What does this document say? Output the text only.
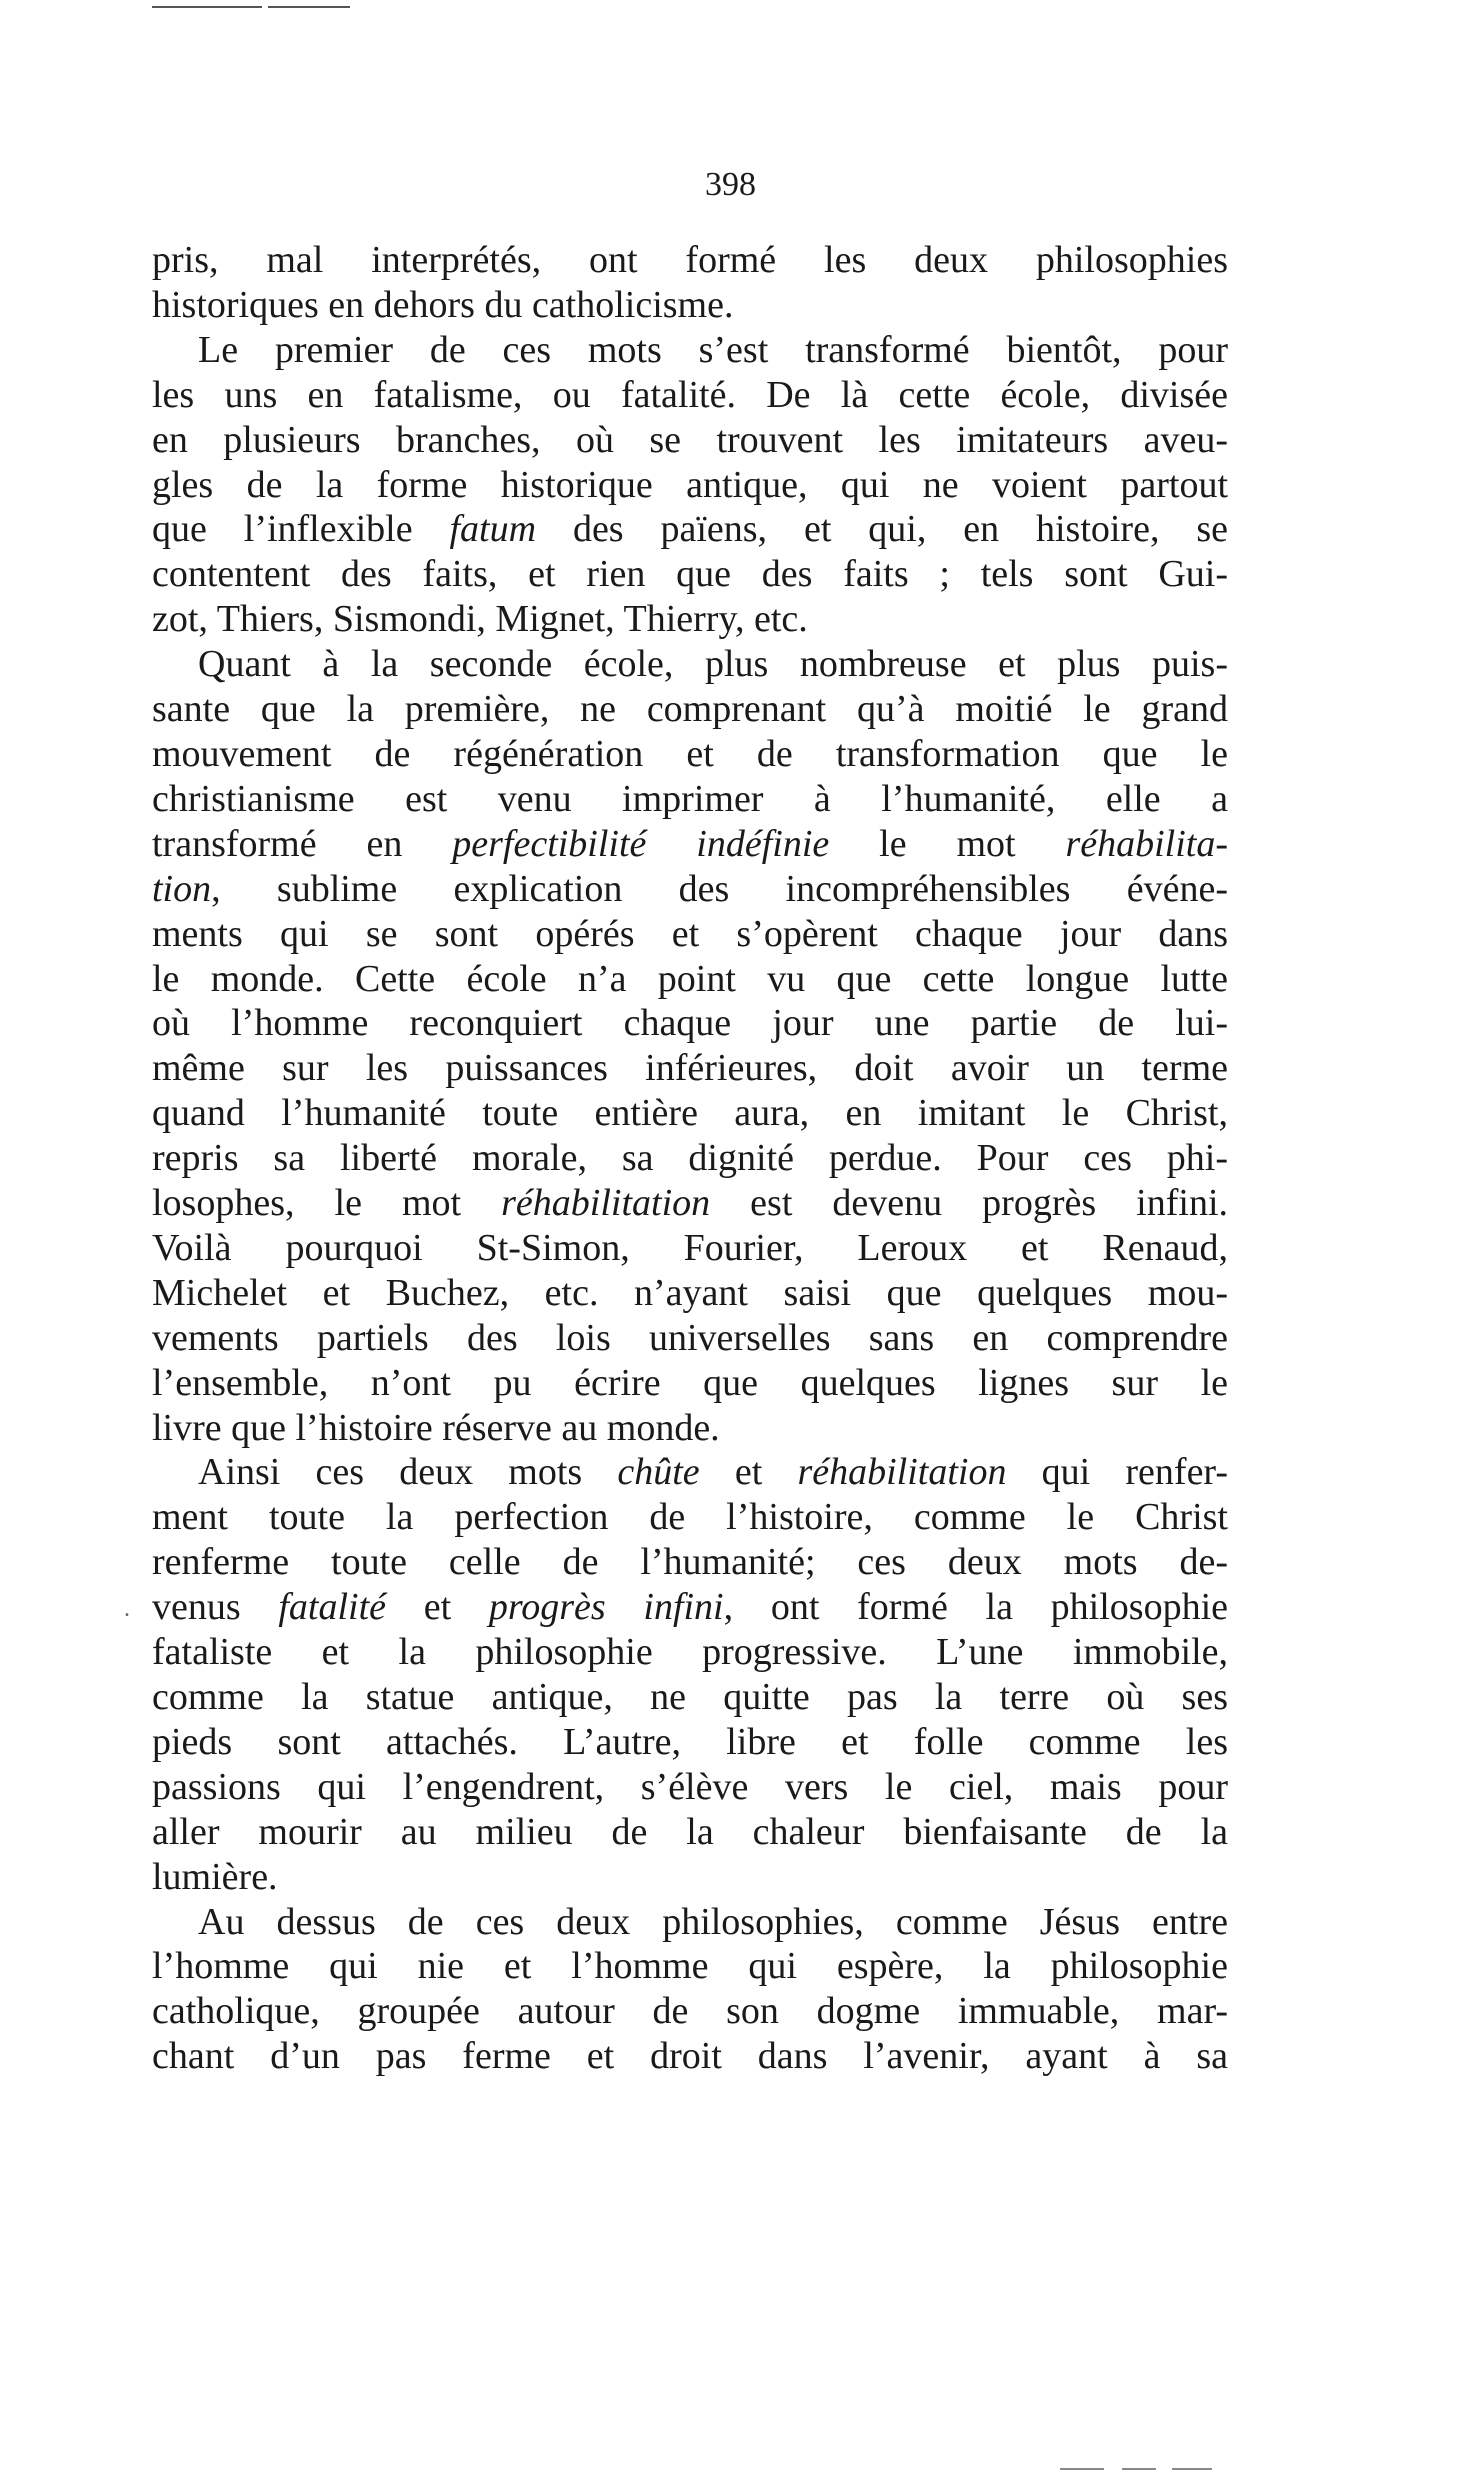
398
pris, mal interprétés, ont formé les deux philosophies
historiques en dehors du catholicisme.
Le premier de ces mots s’est transformé bientôt, pour
les uns en fatalisme, ou fatalité. De là cette école, divisée
en plusieurs branches, où se trouvent les imitateurs aveu-
gles de la forme historique antique, qui ne voient partout
que l’inflexible fatum des païens, et qui, en histoire, se
contentent des faits, et rien que des faits ; tels sont Gui-
zot, Thiers, Sismondi, Mignet, Thierry, etc.
Quant à la seconde école, plus nombreuse et plus puis-
sante que la première, ne comprenant qu’à moitié le grand
mouvement de régénération et de transformation que le
christianisme est venu imprimer à l’humanité, elle a
transformé en perfectibilité indéfinie le mot réhabilita-
tion, sublime explication des incompréhensibles événe-
ments qui se sont opérés et s’opèrent chaque jour dans
le monde. Cette école n’a point vu que cette longue lutte
où l’homme reconquiert chaque jour une partie de lui-
même sur les puissances inférieures, doit avoir un terme
quand l’humanité toute entière aura, en imitant le Christ,
repris sa liberté morale, sa dignité perdue. Pour ces phi-
losophes, le mot réhabilitation est devenu progrès infini.
Voilà pourquoi St-Simon, Fourier, Leroux et Renaud,
Michelet et Buchez, etc. n’ayant saisi que quelques mou-
vements partiels des lois universelles sans en comprendre
l’ensemble, n’ont pu écrire que quelques lignes sur le
livre que l’histoire réserve au monde.
Ainsi ces deux mots chûte et réhabilitation qui renfer-
ment toute la perfection de l’histoire, comme le Christ
renferme toute celle de l’humanité; ces deux mots de-
venus fatalité et progrès infini, ont formé la philosophie
fataliste et la philosophie progressive. L’une immobile,
comme la statue antique, ne quitte pas la terre où ses
pieds sont attachés. L’autre, libre et folle comme les
passions qui l’engendrent, s’élève vers le ciel, mais pour
aller mourir au milieu de la chaleur bienfaisante de la
lumière.
Au dessus de ces deux philosophies, comme Jésus entre
l’homme qui nie et l’homme qui espère, la philosophie
catholique, groupée autour de son dogme immuable, mar-
chant d’un pas ferme et droit dans l’avenir, ayant à sa
.
